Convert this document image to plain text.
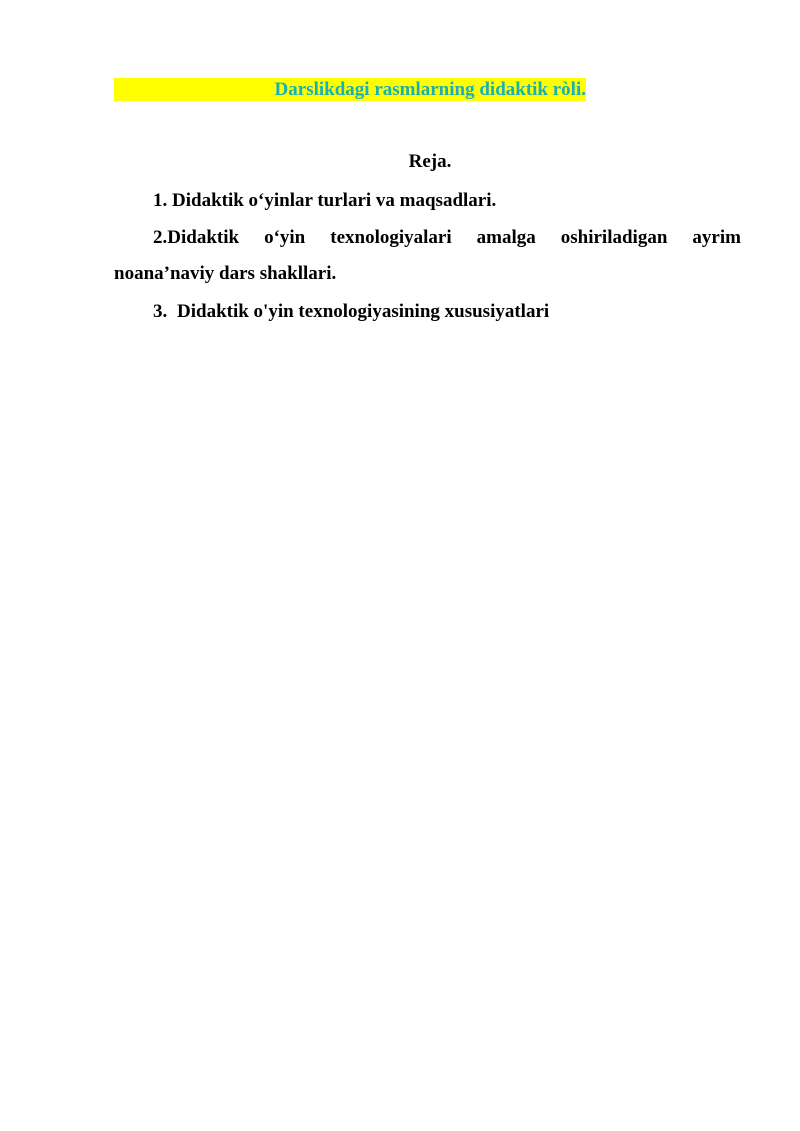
Darslikdagi rasmlarning didaktik ròli.
Reja.
1. Didaktik o‘yinlar turlari va maqsadlari.
2.Didaktik o‘yin texnologiyalari amalga oshiriladigan ayrim
noana’naviy dars shakllari.
3. Didaktik o'yin texnologiyasining xususiyatlari
